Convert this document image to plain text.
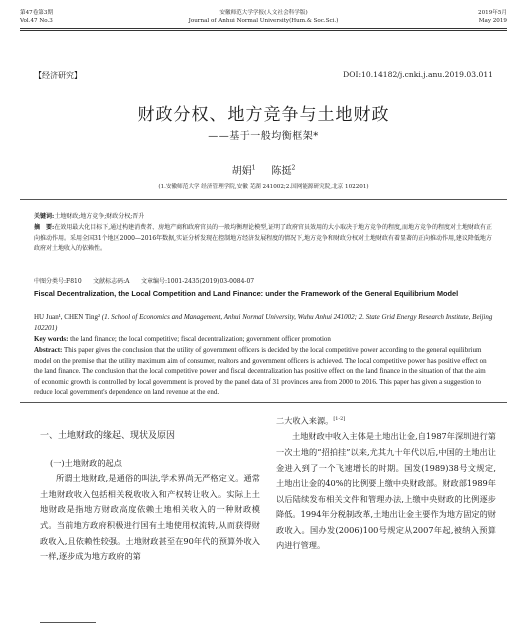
第47卷第3期
Vol.47 No.3
安徽师范大学学报(人文社会科学版)
Journal of Anhui Normal University(Hum.& Soc.Sci.)
2019年5月
May 2019
【经济研究】	DOI:10.14182/j.cnki.j.anu.2019.03.011
财政分权、地方竞争与土地财政
——基于一般均衡框架*
胡娟$^1$ 陈挺$^2$
(1.安徽师范大学 经济管理学院,安徽 芜湖 241002;2.国网能源研究院,北京 102201)
关键词:土地财政;地方竞争;财政分权;晋升
摘　要:在效用最大化目标下,通过构建消费者、房地产商和政府官员的一般均衡理论模型,证明了政府官员效用的大小取决于地方竞争的程度,而地方竞争的程度对土地财政有正向推动作用。采用全国31个地区2000—2016年数据,实证分析发现在控制地方经济发展程度的情况下,地方竞争和财政分权对土地财政有着显著的正向推动作用,建议降低地方政府对土地收入的依赖性。
中图分类号:F810 文献标志码:A 文章编号:1001-2435(2019)03-0084-07
Fiscal Decentralization, the Local Competition and Land Finance: under the Framework of the General Equilibrium Model
HU Juan¹, CHEN Ting² (1. School of Economics and Management, Anhui Normal University, Wuhu Anhui 241002; 2. State Grid Energy Research Institute, Beijing 102201)
Key words: the land finance; the local competitive; fiscal decentralization; government officer promotion
Abstract: This paper gives the conclusion that the utility of government officers is decided by the local competitive power according to the general equilibrium model on the premise that the utility maximum aim of consumer, realtors and government officers is achieved. The local competitive power has positive effect on the land finance. The conclusion that the local competitive power and fiscal decentralization has positive effect on the land finance in the situation of that the aim of economic growth is controlled by local government is proved by the panel data of 31 provinces area from 2000 to 2016. This paper has given a suggestion to reduce local government's dependence on land revenue at the end.
一、土地财政的缘起、现状及原因
(一)土地财政的起点

所谓土地财政,是通俗的叫法,学术界尚无严格定义。通常土地财政收入包括相关税收收入和产权转让收入。实际上土地财政是指地方财政高度依赖土地相关收入的一种财政模式。当前地方政府积极进行国有土地使用权流转,从而获得财政收入,且依赖性较强。土地财政甚至在90年代的预算外收入一样,逐步成为地方政府的第

二大收入来源。[1-2]

土地财政中收入主体是土地出让金,自1987年深圳进行第一次土地的“招拍挂”以来,尤其九十年代以后,中国的土地出让金进入到了一个飞速增长的时期。国发(1989)38号文规定,土地出让金的40%的比例要上缴中央财政部。财政部1989年以后陆续发布相关文件和管理办法,上缴中央财政的比例逐步降低。1994年分税制改革,土地出让金主要作为地方固定的财政收入。国办发(2006)100号规定从2007年起,被纳入预算内进行管理。
